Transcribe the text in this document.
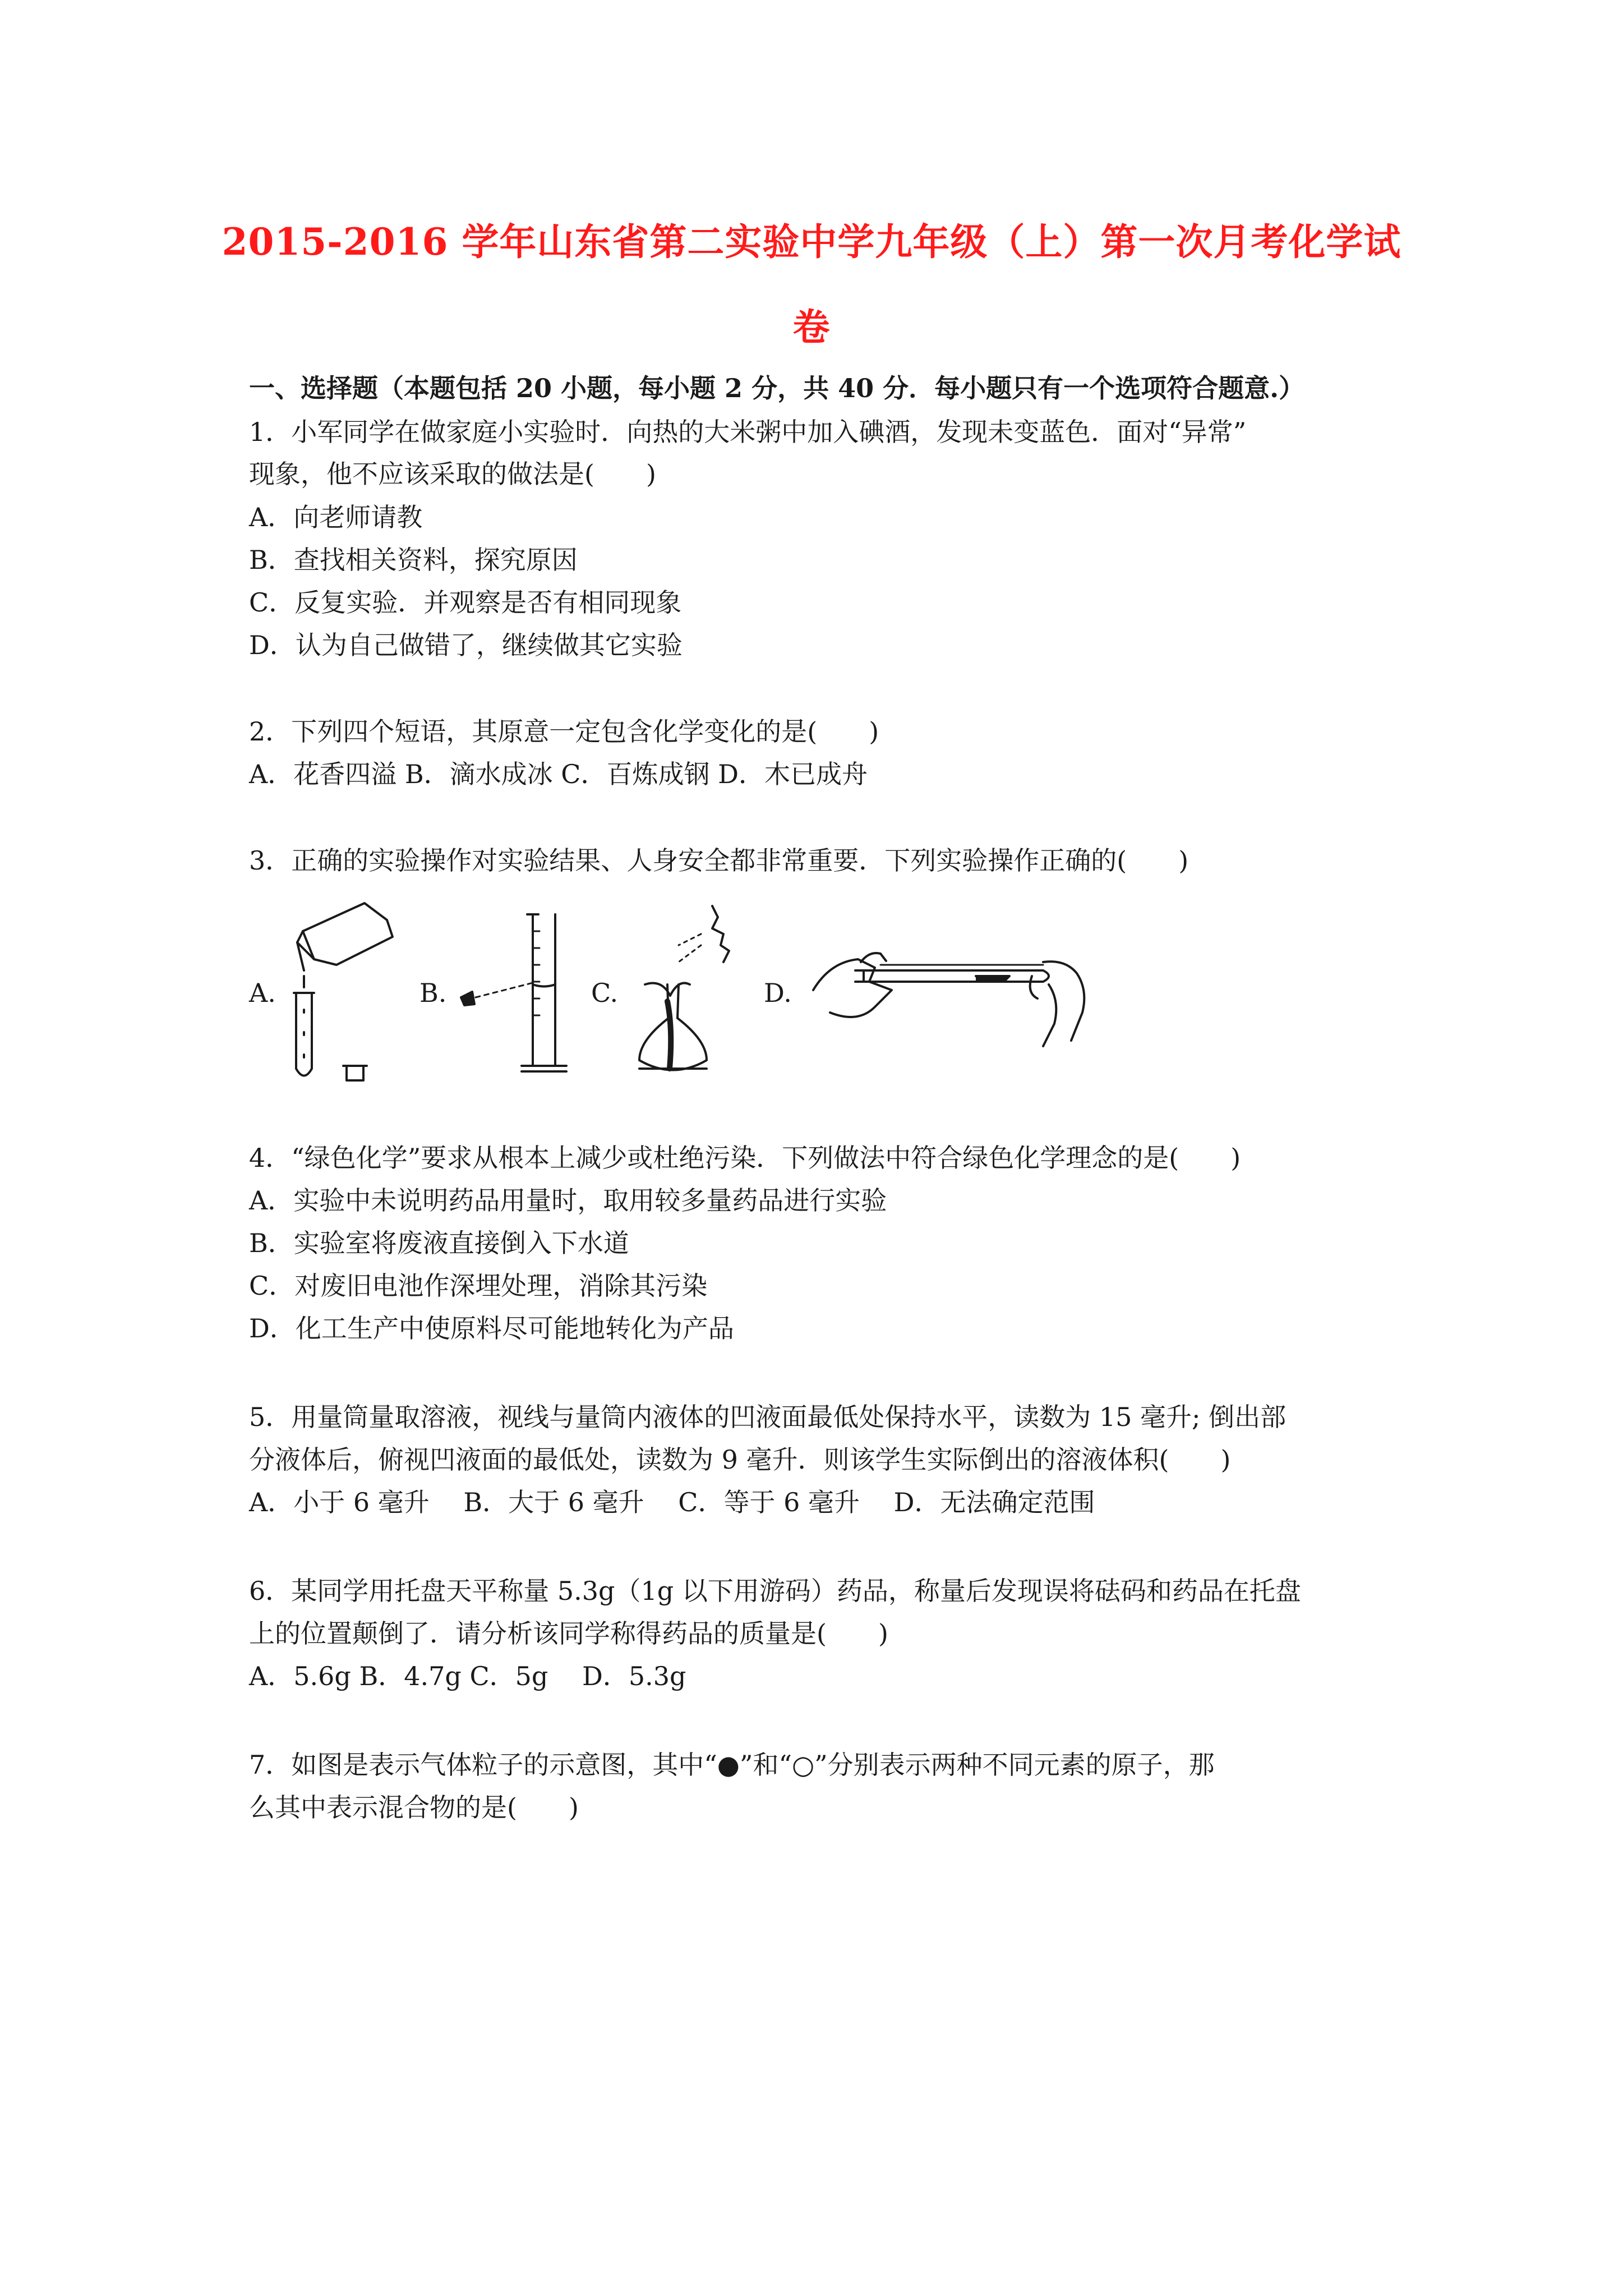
2015-2016 学年山东省第二实验中学九年级（上）第一次月考化学试
卷
一、选择题（本题包括 20 小题，每小题 2 分，共 40 分．每小题只有一个选项符合题意.）
1．小军同学在做家庭小实验时．向热的大米粥中加入碘酒，发现未变蓝色．面对“异常”
现象，他不应该采取的做法是(　　)
A．向老师请教
B．查找相关资料，探究原因
C．反复实验．并观察是否有相同现象
D．认为自己做错了，继续做其它实验
2．下列四个短语，其原意一定包含化学变化的是(　　)
A．花香四溢 B．滴水成冰 C．百炼成钢 D．木已成舟
3．正确的实验操作对实验结果、人身安全都非常重要．下列实验操作正确的(　　)
A.	B.	C.	D.
4．“绿色化学”要求从根本上减少或杜绝污染．下列做法中符合绿色化学理念的是(　　)
A．实验中未说明药品用量时，取用较多量药品进行实验
B．实验室将废液直接倒入下水道
C．对废旧电池作深埋处理，消除其污染
D．化工生产中使原料尽可能地转化为产品
5．用量筒量取溶液，视线与量筒内液体的凹液面最低处保持水平，读数为 15 毫升; 倒出部
分液体后，俯视凹液面的最低处，读数为 9 毫升．则该学生实际倒出的溶液体积(　　)
A．小于 6 毫升　 B．大于 6 毫升　 C．等于 6 毫升　 D．无法确定范围
6．某同学用托盘天平称量 5.3g（1g 以下用游码）药品，称量后发现误将砝码和药品在托盘
上的位置颠倒了．请分析该同学称得药品的质量是(　　)
A．5.6g B．4.7g C．5g　 D．5.3g
7．如图是表示气体粒子的示意图，其中“●”和“○”分别表示两种不同元素的原子，那
么其中表示混合物的是(　　)
